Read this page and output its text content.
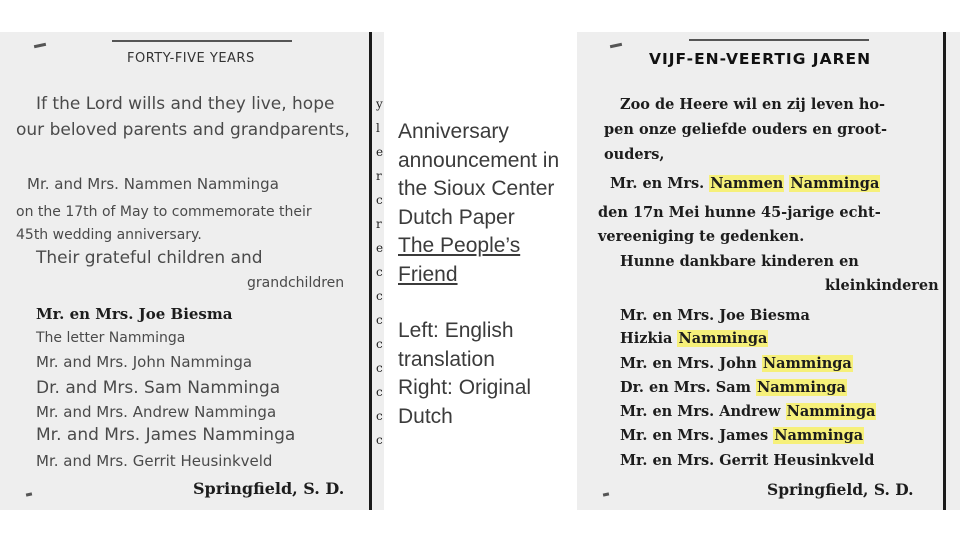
FORTY-FIVE YEARS
If the Lord wills and they live, hope
our beloved parents and grandparents,
Mr. and Mrs. Nammen Namminga
on the 17th of May to commemorate their
45th wedding anniversary.
Their grateful children and
grandchildren
Mr. en Mrs. Joe Biesma
The letter Namminga
Mr. and Mrs. John Namminga
Dr. and Mrs. Sam Namminga
Mr. and Mrs. Andrew Namminga
Mr. and Mrs. James Namminga
Mr. and Mrs. Gerrit Heusinkveld
Springfield, S. D.
y
l
e
r
c
r
e
c
c
c
c
c
c
c
c

Anniversary announcement in the Sioux Center Dutch Paper

The People’s Friend

Left: English translation

Right: Original Dutch

VIJF-EN-VEERTIG JAREN
Zoo de Heere wil en zij leven ho-
pen onze geliefde ouders en groot-
ouders,
Mr. en Mrs. Nammen Namminga
den 17n Mei hunne 45-jarige echt-
vereeniging te gedenken.
Hunne dankbare kinderen en
kleinkinderen
Mr. en Mrs. Joe Biesma
Hizkia Namminga
Mr. en Mrs. John Namminga
Dr. en Mrs. Sam Namminga
Mr. en Mrs. Andrew Namminga
Mr. en Mrs. James Namminga
Mr. en Mrs. Gerrit Heusinkveld
Springfield, S. D.
